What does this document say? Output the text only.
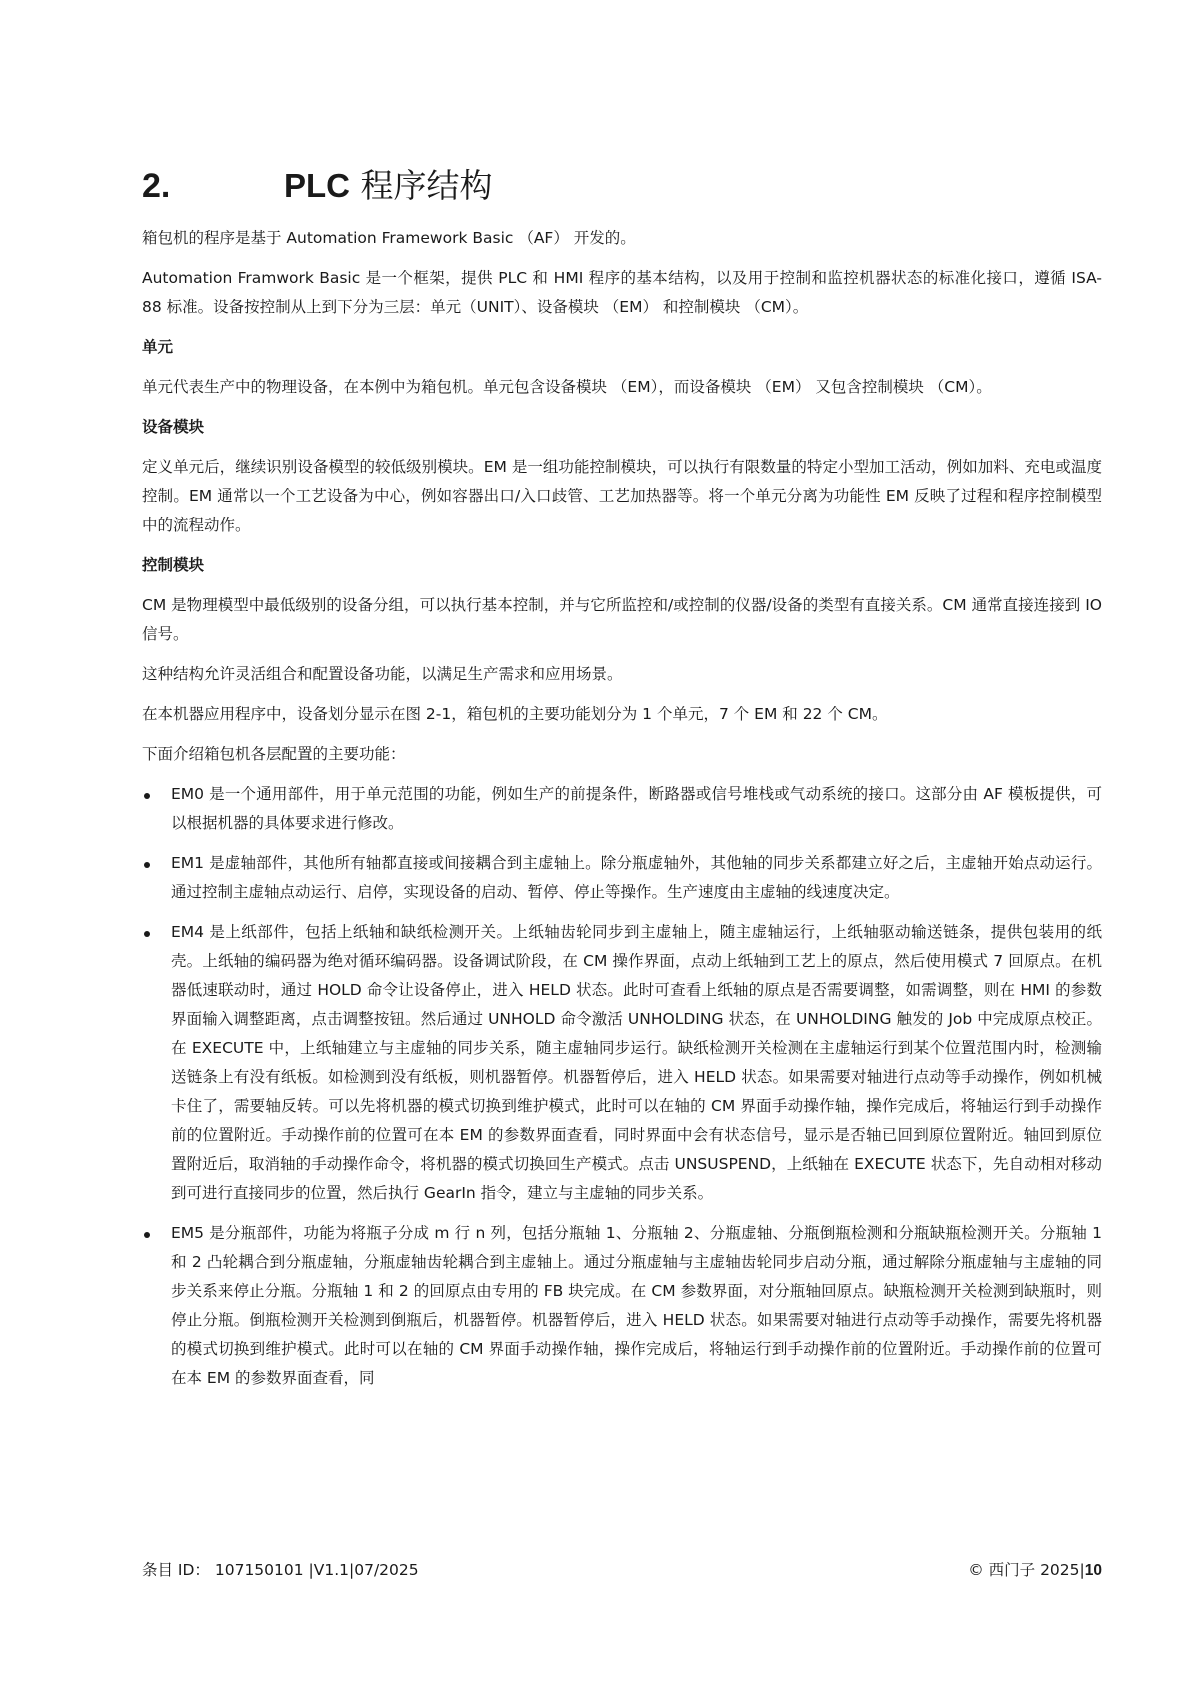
2.	PLC 程序结构

箱包机的程序是基于 Automation Framework Basic （AF） 开发的。

Automation Framwork Basic 是一个框架，提供 PLC 和 HMI 程序的基本结构，以及用于控制和监控机器状态的标准化接口，遵循 ISA-88 标准。设备按控制从上到下分为三层：单元（UNIT）、设备模块 （EM） 和控制模块 （CM）。

单元

单元代表生产中的物理设备，在本例中为箱包机。单元包含设备模块 （EM），而设备模块 （EM） 又包含控制模块 （CM）。

设备模块

定义单元后，继续识别设备模型的较低级别模块。EM 是一组功能控制模块，可以执行有限数量的特定小型加工活动，例如加料、充电或温度控制。EM 通常以一个工艺设备为中心，例如容器出口/入口歧管、工艺加热器等。将一个单元分离为功能性 EM 反映了过程和程序控制模型中的流程动作。

控制模块

CM 是物理模型中最低级别的设备分组，可以执行基本控制，并与它所监控和/或控制的仪器/设备的类型有直接关系。CM 通常直接连接到 IO 信号。

这种结构允许灵活组合和配置设备功能，以满足生产需求和应用场景。

在本机器应用程序中，设备划分显示在图 2-1，箱包机的主要功能划分为 1 个单元，7 个 EM 和 22 个 CM。

下面介绍箱包机各层配置的主要功能：

EM0 是一个通用部件，用于单元范围的功能，例如生产的前提条件，断路器或信号堆栈或气动系统的接口。这部分由 AF 模板提供，可以根据机器的具体要求进行修改。
EM1 是虚轴部件，其他所有轴都直接或间接耦合到主虚轴上。除分瓶虚轴外，其他轴的同步关系都建立好之后，主虚轴开始点动运行。通过控制主虚轴点动运行、启停，实现设备的启动、暂停、停止等操作。生产速度由主虚轴的线速度决定。
EM4 是上纸部件，包括上纸轴和缺纸检测开关。上纸轴齿轮同步到主虚轴上，随主虚轴运行，上纸轴驱动输送链条，提供包装用的纸壳。上纸轴的编码器为绝对循环编码器。设备调试阶段，在 CM 操作界面，点动上纸轴到工艺上的原点，然后使用模式 7 回原点。在机器低速联动时，通过 HOLD 命令让设备停止，进入 HELD 状态。此时可查看上纸轴的原点是否需要调整，如需调整，则在 HMI 的参数界面输入调整距离，点击调整按钮。然后通过 UNHOLD 命令激活 UNHOLDING 状态，在 UNHOLDING 触发的 Job 中完成原点校正。在 EXECUTE 中，上纸轴建立与主虚轴的同步关系，随主虚轴同步运行。缺纸检测开关检测在主虚轴运行到某个位置范围内时，检测输送链条上有没有纸板。如检测到没有纸板，则机器暂停。机器暂停后，进入 HELD 状态。如果需要对轴进行点动等手动操作，例如机械卡住了，需要轴反转。可以先将机器的模式切换到维护模式，此时可以在轴的 CM 界面手动操作轴，操作完成后，将轴运行到手动操作前的位置附近。手动操作前的位置可在本 EM 的参数界面查看，同时界面中会有状态信号，显示是否轴已回到原位置附近。轴回到原位置附近后，取消轴的手动操作命令，将机器的模式切换回生产模式。点击 UNSUSPEND，上纸轴在 EXECUTE 状态下，先自动相对移动到可进行直接同步的位置，然后执行 GearIn 指令，建立与主虚轴的同步关系。
EM5 是分瓶部件，功能为将瓶子分成 m 行 n 列，包括分瓶轴 1、分瓶轴 2、分瓶虚轴、分瓶倒瓶检测和分瓶缺瓶检测开关。分瓶轴 1 和 2 凸轮耦合到分瓶虚轴，分瓶虚轴齿轮耦合到主虚轴上。通过分瓶虚轴与主虚轴齿轮同步启动分瓶，通过解除分瓶虚轴与主虚轴的同步关系来停止分瓶。分瓶轴 1 和 2 的回原点由专用的 FB 块完成。在 CM 参数界面，对分瓶轴回原点。缺瓶检测开关检测到缺瓶时，则停止分瓶。倒瓶检测开关检测到倒瓶后，机器暂停。机器暂停后，进入 HELD 状态。如果需要对轴进行点动等手动操作，需要先将机器的模式切换到维护模式。此时可以在轴的 CM 界面手动操作轴，操作完成后，将轴运行到手动操作前的位置附近。手动操作前的位置可在本 EM 的参数界面查看，同
条目 ID： 107150101 |V1.1|07/2025	© 西门子 2025|10
